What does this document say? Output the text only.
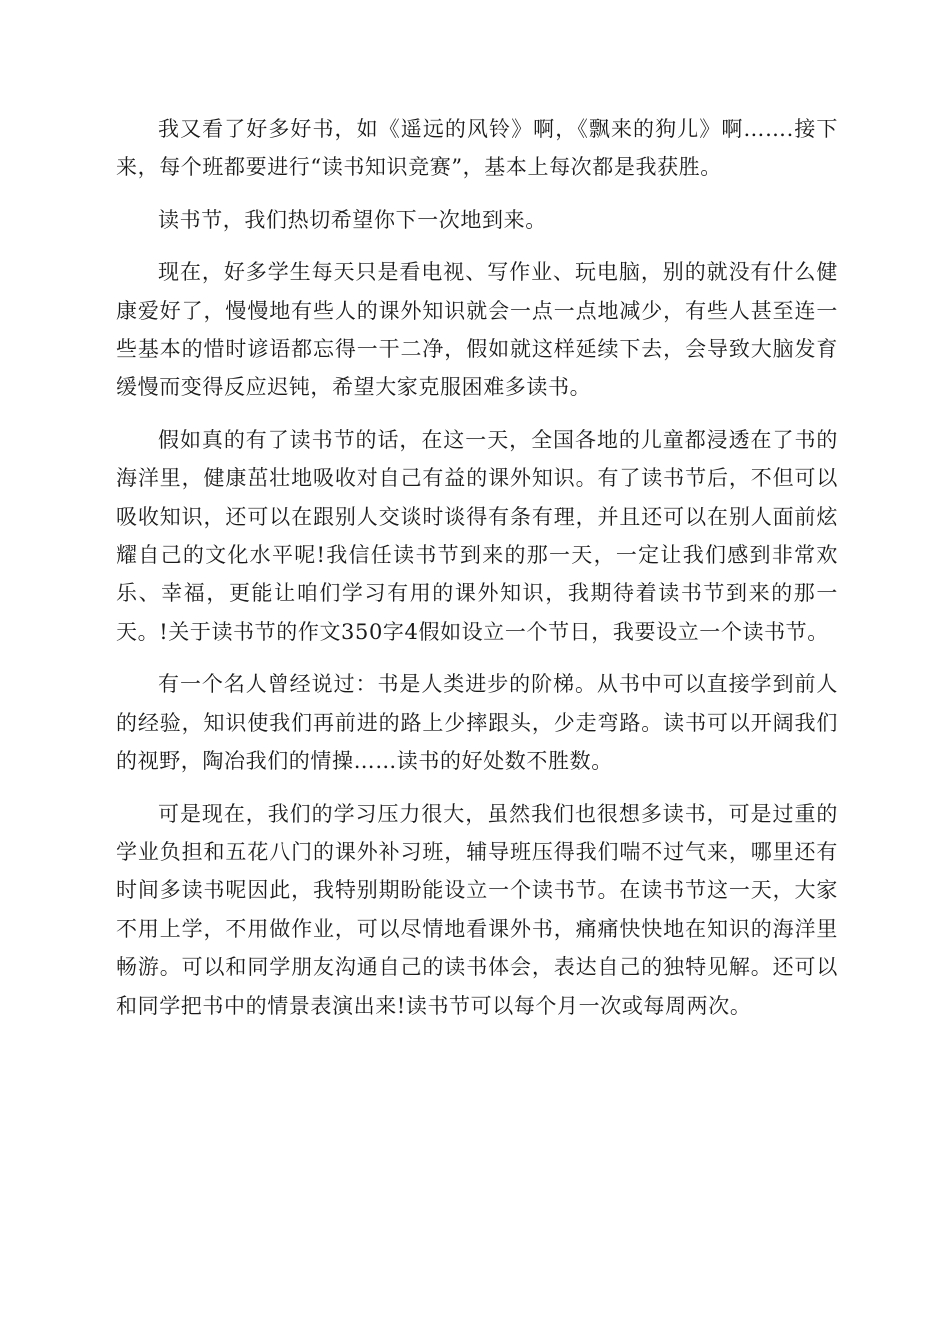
我又看了好多好书，如《遥远的风铃》啊，《飘来的狗儿》啊…….接下来，每个班都要进行“读书知识竞赛”，基本上每次都是我获胜。

读书节，我们热切希望你下一次地到来。

现在，好多学生每天只是看电视、写作业、玩电脑，别的就没有什么健康爱好了，慢慢地有些人的课外知识就会一点一点地减少，有些人甚至连一些基本的惜时谚语都忘得一干二净，假如就这样延续下去，会导致大脑发育缓慢而变得反应迟钝，希望大家克服困难多读书。

假如真的有了读书节的话，在这一天，全国各地的儿童都浸透在了书的海洋里，健康茁壮地吸收对自己有益的课外知识。有了读书节后，不但可以吸收知识，还可以在跟别人交谈时谈得有条有理，并且还可以在别人面前炫耀自己的文化水平呢!我信任读书节到来的那一天，一定让我们感到非常欢乐、幸福，更能让咱们学习有用的课外知识，我期待着读书节到来的那一天。!关于读书节的作文350字4假如设立一个节日，我要设立一个读书节。

有一个名人曾经说过：书是人类进步的阶梯。从书中可以直接学到前人的经验，知识使我们再前进的路上少摔跟头，少走弯路。读书可以开阔我们的视野，陶冶我们的情操……读书的好处数不胜数。

可是现在，我们的学习压力很大，虽然我们也很想多读书，可是过重的学业负担和五花八门的课外补习班，辅导班压得我们喘不过气来，哪里还有时间多读书呢因此，我特别期盼能设立一个读书节。在读书节这一天，大家不用上学，不用做作业，可以尽情地看课外书，痛痛快快地在知识的海洋里畅游。可以和同学朋友沟通自己的读书体会，表达自己的独特见解。还可以和同学把书中的情景表演出来!读书节可以每个月一次或每周两次。
